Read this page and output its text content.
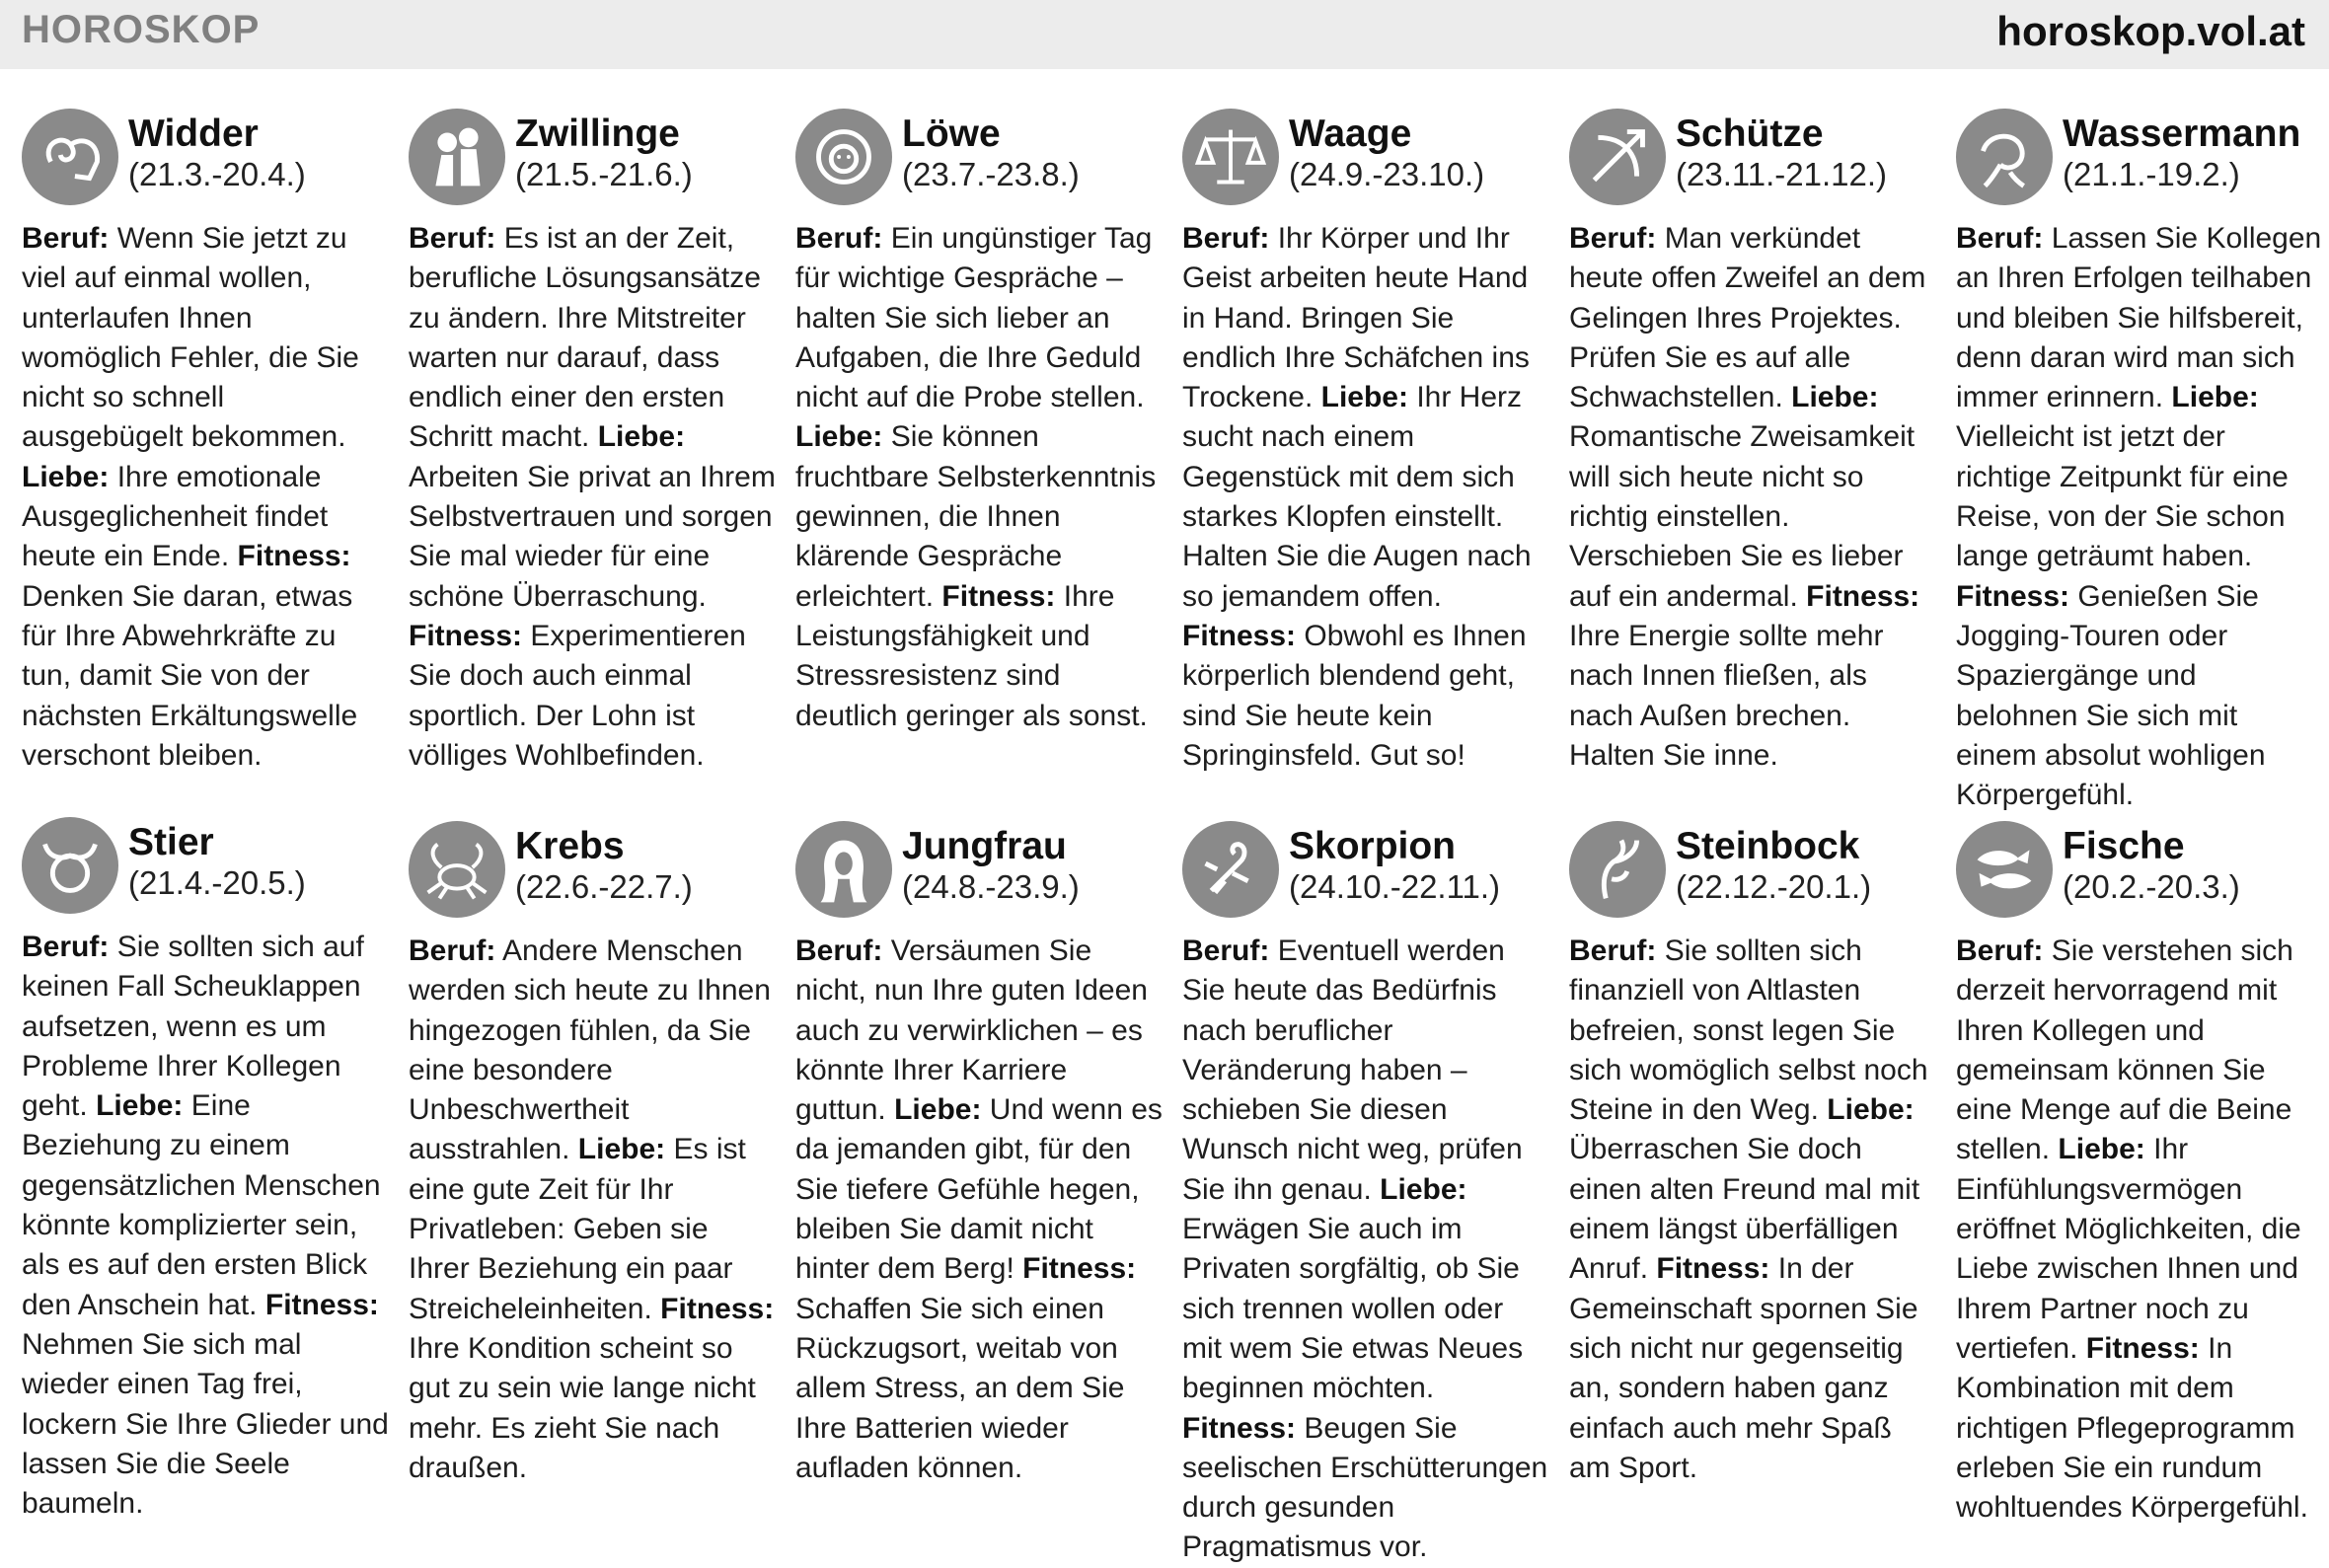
HOROSKOP	horoskop.vol.at
Widder
(21.3.-20.4.)
Beruf: Wenn Sie jetzt zu viel auf einmal wollen, unterlaufen Ihnen womöglich Fehler, die Sie nicht so schnell ausgebügelt bekommen. Liebe: Ihre emotionale Ausgeglichenheit findet heute ein Ende. Fitness: Denken Sie daran, etwas für Ihre Abwehrkräfte zu tun, damit Sie von der nächsten Erkältungswelle verschont bleiben.
Zwillinge
(21.5.-21.6.)
Beruf: Es ist an der Zeit, berufliche Lösungsansätze zu ändern. Ihre Mitstreiter warten nur darauf, dass endlich einer den ersten Schritt macht. Liebe: Arbeiten Sie privat an Ihrem Selbstvertrauen und sorgen Sie mal wieder für eine schöne Überraschung. Fitness: Experimentieren Sie doch auch einmal sportlich. Der Lohn ist völliges Wohlbefinden.
Löwe
(23.7.-23.8.)
Beruf: Ein ungünstiger Tag für wichtige Gespräche – halten Sie sich lieber an Aufgaben, die Ihre Geduld nicht auf die Probe stellen. Liebe: Sie können fruchtbare Selbsterkenntnis gewinnen, die Ihnen klärende Gespräche erleichtert. Fitness: Ihre Leistungsfähigkeit und Stressresistenz sind deutlich geringer als sonst.
Waage
(24.9.-23.10.)
Beruf: Ihr Körper und Ihr Geist arbeiten heute Hand in Hand. Bringen Sie endlich Ihre Schäfchen ins Trockene. Liebe: Ihr Herz sucht nach einem Gegenstück mit dem sich starkes Klopfen einstellt. Halten Sie die Augen nach so jemandem offen. Fitness: Obwohl es Ihnen körperlich blendend geht, sind Sie heute kein Springinsfeld. Gut so!
Schütze
(23.11.-21.12.)
Beruf: Man verkündet heute offen Zweifel an dem Gelingen Ihres Projektes. Prüfen Sie es auf alle Schwachstellen. Liebe: Romantische Zweisamkeit will sich heute nicht so richtig einstellen. Verschieben Sie es lieber auf ein andermal. Fitness: Ihre Energie sollte mehr nach Innen fließen, als nach Außen brechen. Halten Sie inne.
Wassermann
(21.1.-19.2.)
Beruf: Lassen Sie Kollegen an Ihren Erfolgen teilhaben und bleiben Sie hilfsbereit, denn daran wird man sich immer erinnern. Liebe: Vielleicht ist jetzt der richtige Zeitpunkt für eine Reise, von der Sie schon lange geträumt haben. Fitness: Genießen Sie Jogging-Touren oder Spaziergänge und belohnen Sie sich mit einem absolut wohligen Körpergefühl.
Stier
(21.4.-20.5.)
Beruf: Sie sollten sich auf keinen Fall Scheuklappen aufsetzen, wenn es um Probleme Ihrer Kollegen geht. Liebe: Eine Beziehung zu einem gegensätzlichen Menschen könnte komplizierter sein, als es auf den ersten Blick den Anschein hat. Fitness: Nehmen Sie sich mal wieder einen Tag frei, lockern Sie Ihre Glieder und lassen Sie die Seele baumeln.
Krebs
(22.6.-22.7.)
Beruf: Andere Menschen werden sich heute zu Ihnen hingezogen fühlen, da Sie eine besondere Unbeschwertheit ausstrahlen. Liebe: Es ist eine gute Zeit für Ihr Privatleben: Geben sie Ihrer Beziehung ein paar Streicheleinheiten. Fitness: Ihre Kondition scheint so gut zu sein wie lange nicht mehr. Es zieht Sie nach draußen.
Jungfrau
(24.8.-23.9.)
Beruf: Versäumen Sie nicht, nun Ihre guten Ideen auch zu verwirklichen – es könnte Ihrer Karriere guttun. Liebe: Und wenn es da jemanden gibt, für den Sie tiefere Gefühle hegen, bleiben Sie damit nicht hinter dem Berg! Fitness: Schaffen Sie sich einen Rückzugsort, weitab von allem Stress, an dem Sie Ihre Batterien wieder aufladen können.
Skorpion
(24.10.-22.11.)
Beruf: Eventuell werden Sie heute das Bedürfnis nach beruflicher Veränderung haben – schieben Sie diesen Wunsch nicht weg, prüfen Sie ihn genau. Liebe: Erwägen Sie auch im Privaten sorgfältig, ob Sie sich trennen wollen oder mit wem Sie etwas Neues beginnen möchten. Fitness: Beugen Sie seelischen Erschütterungen durch gesunden Pragmatismus vor.
Steinbock
(22.12.-20.1.)
Beruf: Sie sollten sich finanziell von Altlasten befreien, sonst legen Sie sich womöglich selbst noch Steine in den Weg. Liebe: Überraschen Sie doch einen alten Freund mal mit einem längst überfälligen Anruf. Fitness: In der Gemeinschaft spornen Sie sich nicht nur gegenseitig an, sondern haben ganz einfach auch mehr Spaß am Sport.
Fische
(20.2.-20.3.)
Beruf: Sie verstehen sich derzeit hervorragend mit Ihren Kollegen und gemeinsam können Sie eine Menge auf die Beine stellen. Liebe: Ihr Einfühlungsvermögen eröffnet Möglichkeiten, die Liebe zwischen Ihnen und Ihrem Partner noch zu vertiefen. Fitness: In Kombination mit dem richtigen Pflegeprogramm erleben Sie ein rundum wohltuendes Körpergefühl.
